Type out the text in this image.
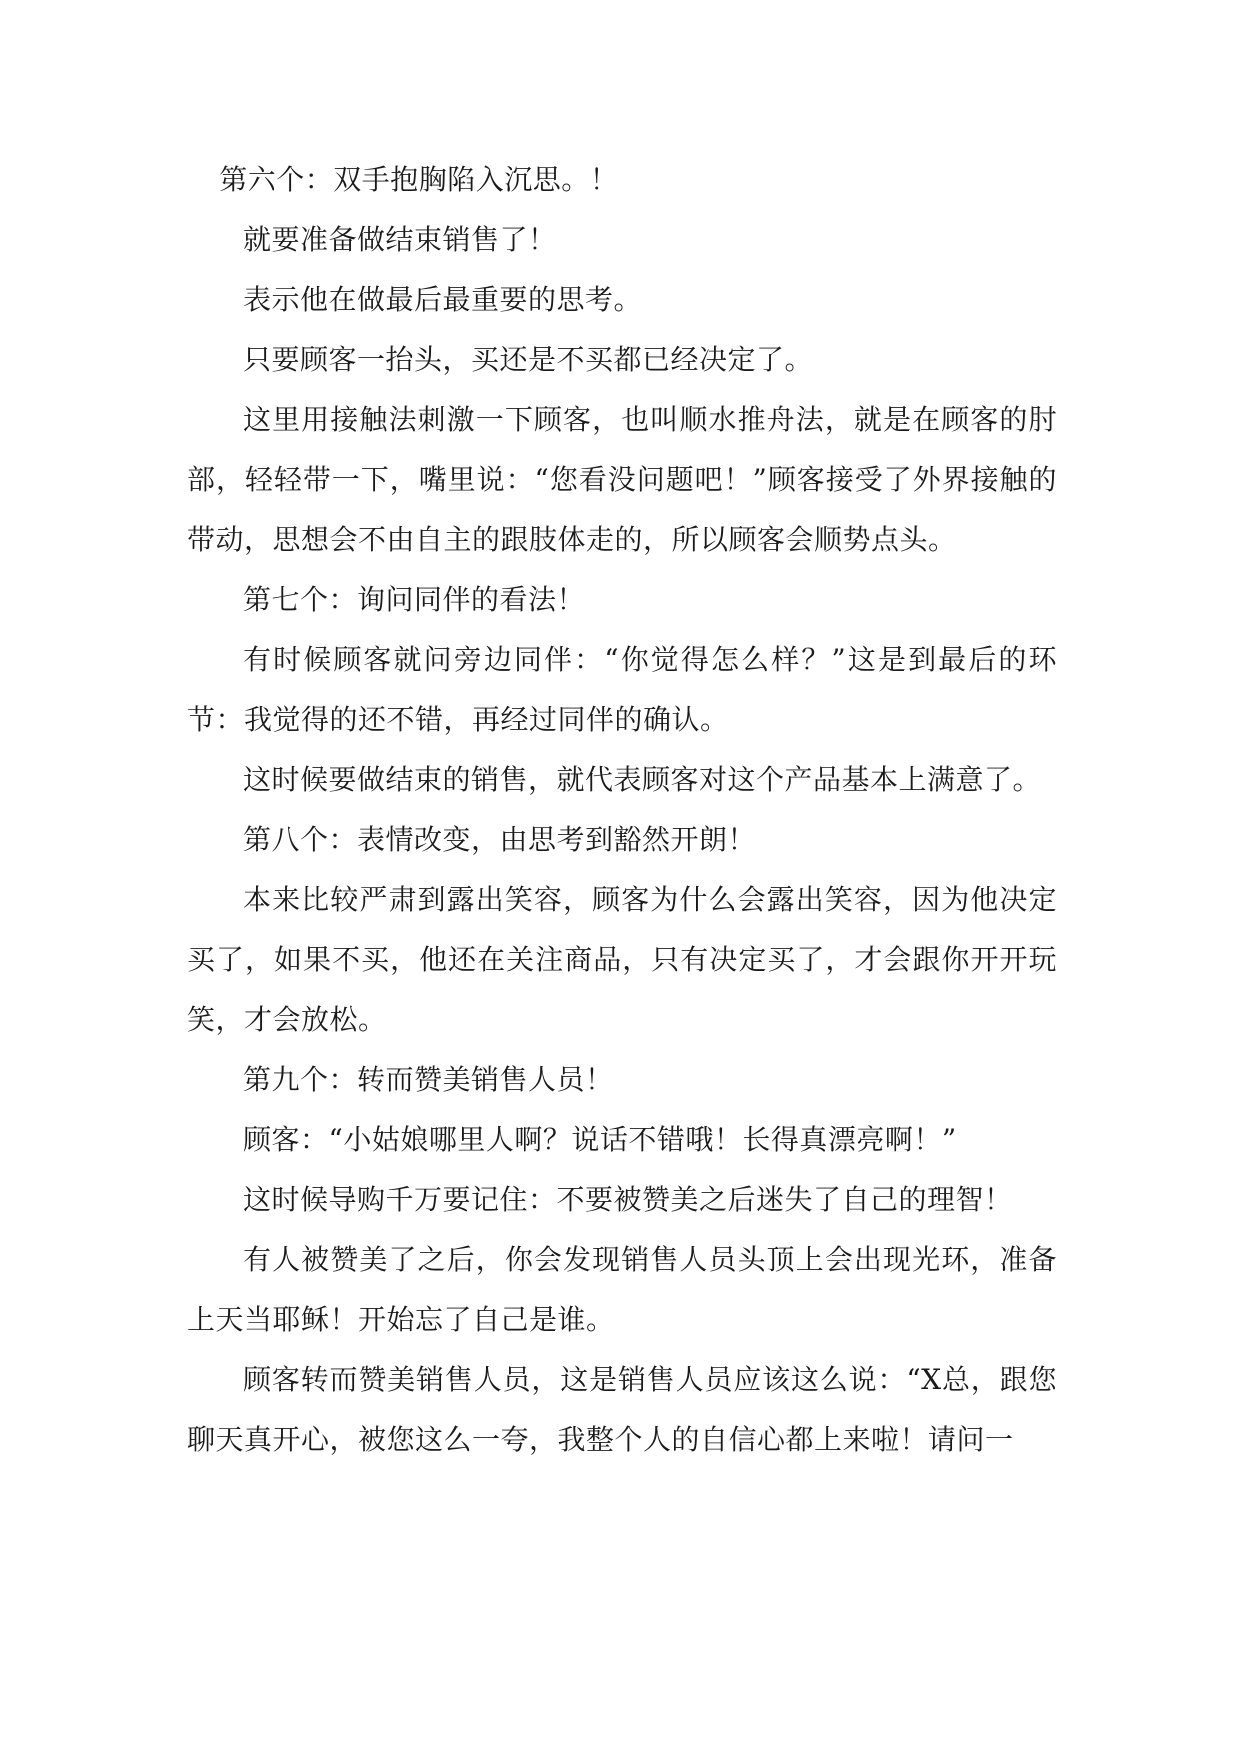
第六个：双手抱胸陷入沉思。！

就要准备做结束销售了！

表示他在做最后最重要的思考。

只要顾客一抬头，买还是不买都已经决定了。

这里用接触法刺激一下顾客，也叫顺水推舟法，就是在顾客的肘部，轻轻带一下，嘴里说：“您看没问题吧！”顾客接受了外界接触的带动，思想会不由自主的跟肢体走的，所以顾客会顺势点头。

第七个：询问同伴的看法！

有时候顾客就问旁边同伴：“你觉得怎么样？”这是到最后的环节：我觉得的还不错，再经过同伴的确认。

这时候要做结束的销售，就代表顾客对这个产品基本上满意了。

第八个：表情改变，由思考到豁然开朗！

本来比较严肃到露出笑容，顾客为什么会露出笑容，因为他决定买了，如果不买，他还在关注商品，只有决定买了，才会跟你开开玩笑，才会放松。

第九个：转而赞美销售人员！

顾客：“小姑娘哪里人啊？说话不错哦！长得真漂亮啊！”

这时候导购千万要记住：不要被赞美之后迷失了自己的理智！

有人被赞美了之后，你会发现销售人员头顶上会出现光环，准备上天当耶稣！开始忘了自己是谁。

顾客转而赞美销售人员，这是销售人员应该这么说：“X总，跟您聊天真开心，被您这么一夸，我整个人的自信心都上来啦！请问一
